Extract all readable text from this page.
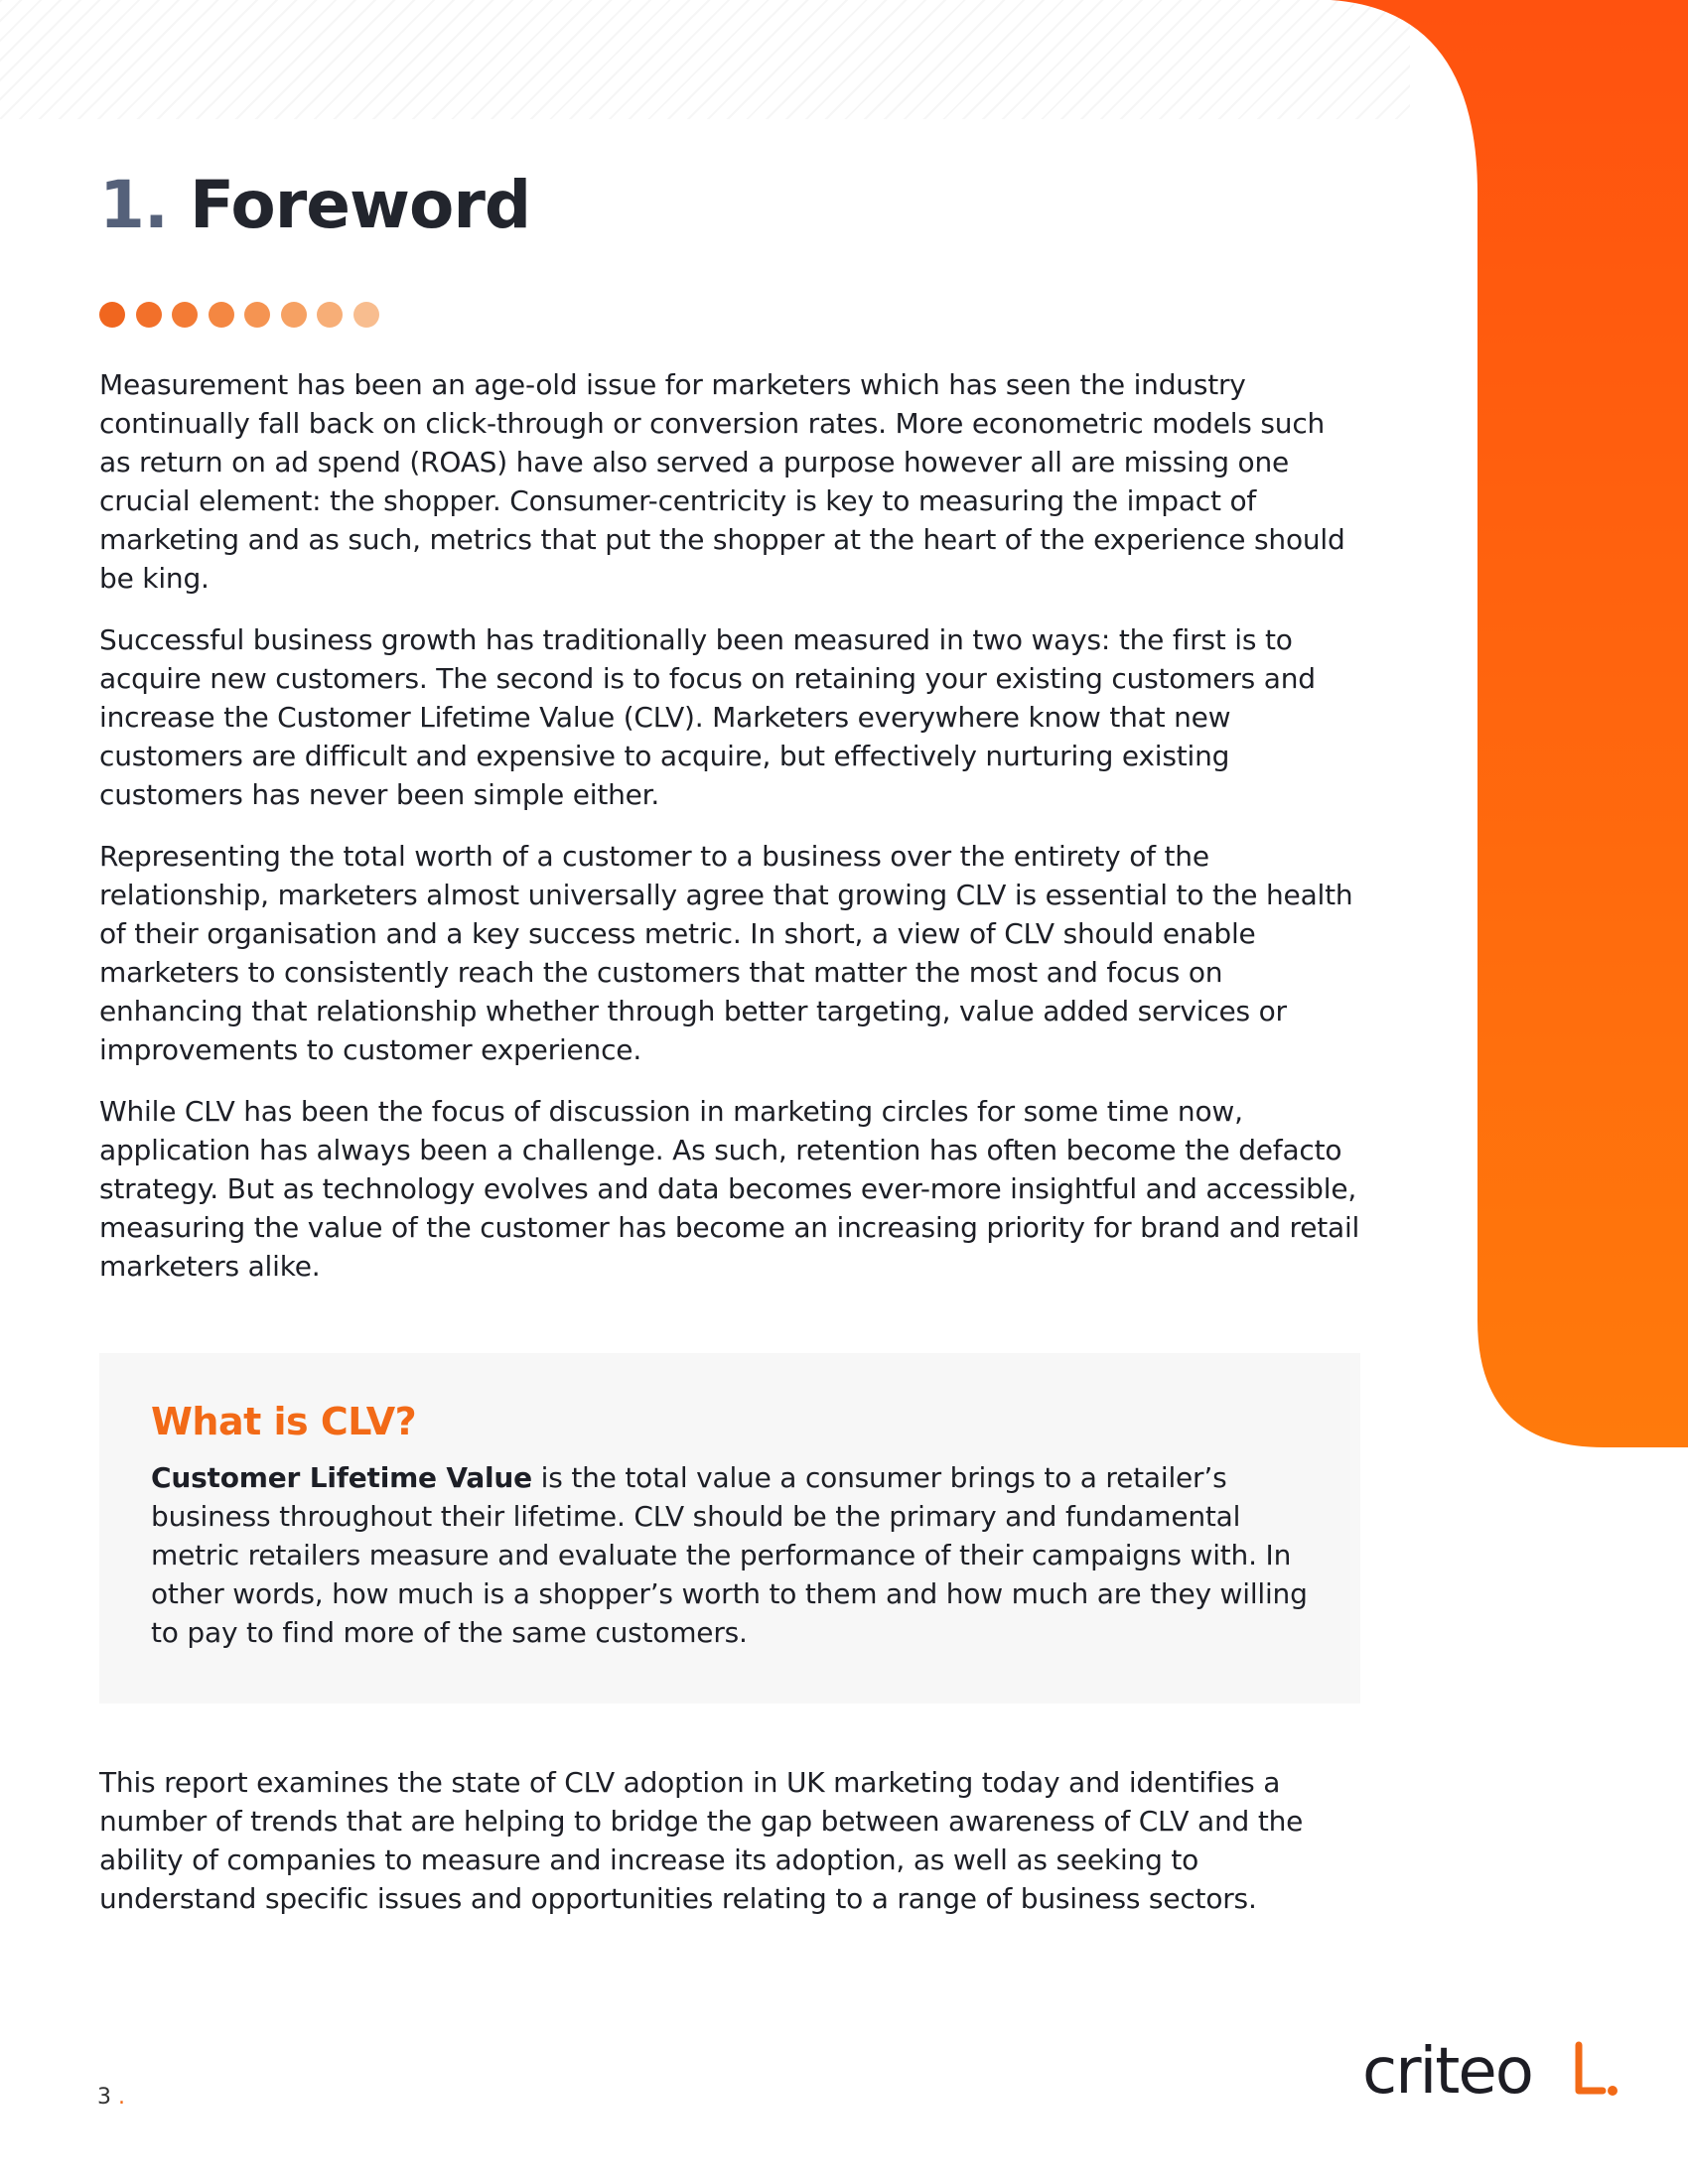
1. Foreword

Measurement has been an age-old issue for marketers which has seen the industry continually fall back on click-through or conversion rates. More econometric models such as return on ad spend (ROAS) have also served a purpose however all are missing one crucial element: the shopper. Consumer-centricity is key to measuring the impact of marketing and as such, metrics that put the shopper at the heart of the experience should be king.

Successful business growth has traditionally been measured in two ways: the first is to acquire new customers. The second is to focus on retaining your existing customers and increase the Customer Lifetime Value (CLV). Marketers everywhere know that new customers are difficult and expensive to acquire, but effectively nurturing existing customers has never been simple either.

Representing the total worth of a customer to a business over the entirety of the relationship, marketers almost universally agree that growing CLV is essential to the health of their organisation and a key success metric. In short, a view of CLV should enable marketers to consistently reach the customers that matter the most and focus on enhancing that relationship whether through better targeting, value added services or improvements to customer experience.

While CLV has been the focus of discussion in marketing circles for some time now, application has always been a challenge. As such, retention has often become the defacto strategy. But as technology evolves and data becomes ever-more insightful and accessible, measuring the value of the customer has become an increasing priority for brand and retail marketers alike.

What is CLV?

Customer Lifetime Value is the total value a consumer brings to a retailer’s business throughout their lifetime. CLV should be the primary and fundamental metric retailers measure and evaluate the performance of their campaigns with. In other words, how much is a shopper’s worth to them and how much are they willing to pay to find more of the same customers.

This report examines the state of CLV adoption in UK marketing today and identifies a number of trends that are helping to bridge the gap between awareness of CLV and the ability of companies to measure and increase its adoption, as well as seeking to understand specific issues and opportunities relating to a range of business sectors.

3 .	criteo
